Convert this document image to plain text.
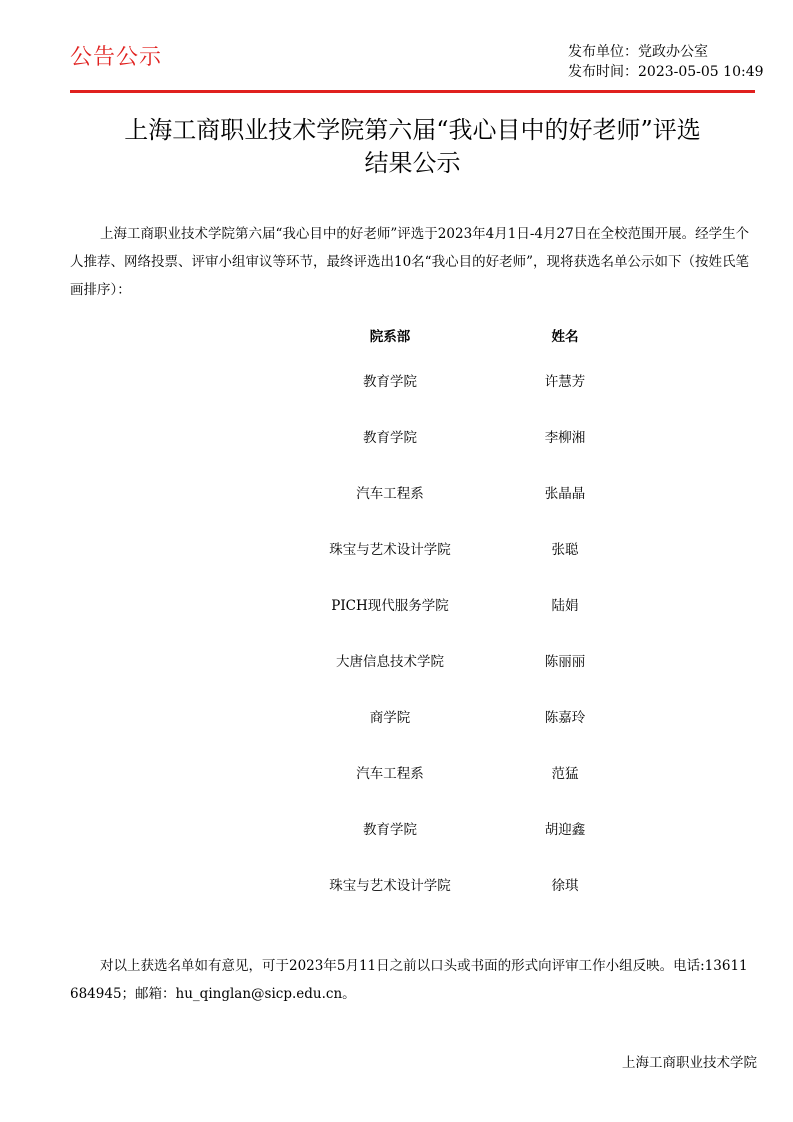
公告公示	发布单位：党政办公室
发布时间：2023-05-05 10:49
上海工商职业技术学院第六届“我心目中的好老师”评选
结果公示

上海工商职业技术学院第六届“我心目中的好老师”评选于2023年4月1日-4月27日在全校范围开展。经学生个人推荐、网络投票、评审小组审议等环节，最终评选出10名“我心目的好老师”，现将获选名单公示如下（按姓氏笔画排序）：

院系部	姓名
教育学院	许慧芳
教育学院	李柳湘
汽车工程系	张晶晶
珠宝与艺术设计学院	张聪
PICH现代服务学院	陆娟
大唐信息技术学院	陈丽丽
商学院	陈嘉玲
汽车工程系	范猛
教育学院	胡迎鑫
珠宝与艺术设计学院	徐琪

对以上获选名单如有意见，可于2023年5月11日之前以口头或书面的形式向评审工作小组反映。电话:13611684945；邮箱：hu_qinglan@sicp.edu.cn。

上海工商职业技术学院
